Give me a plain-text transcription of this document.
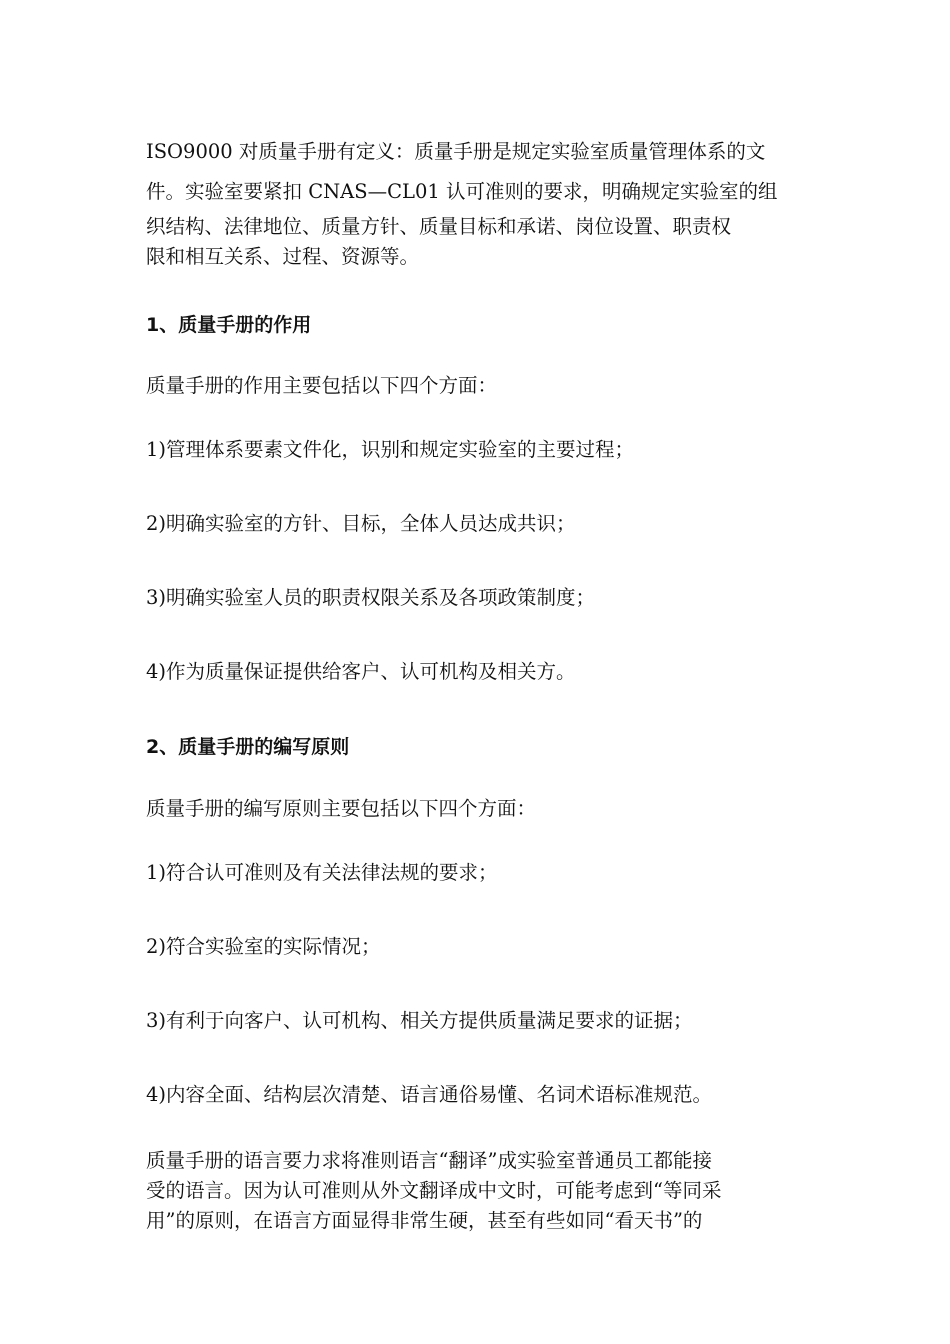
ISO9000 对质量手册有定义：质量手册是规定实验室质量管理体系的文
件。实验室要紧扣 CNAS—CL01 认可准则的要求，明确规定实验室的组
织结构、法律地位、质量方针、质量目标和承诺、岗位设置、职责权
限和相互关系、过程、资源等。

1、质量手册的作用

质量手册的作用主要包括以下四个方面：

1)管理体系要素文件化，识别和规定实验室的主要过程；

2)明确实验室的方针、目标，全体人员达成共识；

3)明确实验室人员的职责权限关系及各项政策制度；

4)作为质量保证提供给客户、认可机构及相关方。

2、质量手册的编写原则

质量手册的编写原则主要包括以下四个方面：

1)符合认可准则及有关法律法规的要求；

2)符合实验室的实际情况；

3)有利于向客户、认可机构、相关方提供质量满足要求的证据；

4)内容全面、结构层次清楚、语言通俗易懂、名词术语标准规范。

质量手册的语言要力求将准则语言“翻译”成实验室普通员工都能接
受的语言。因为认可准则从外文翻译成中文时，可能考虑到“等同采
用”的原则，在语言方面显得非常生硬，甚至有些如同“看天书”的
